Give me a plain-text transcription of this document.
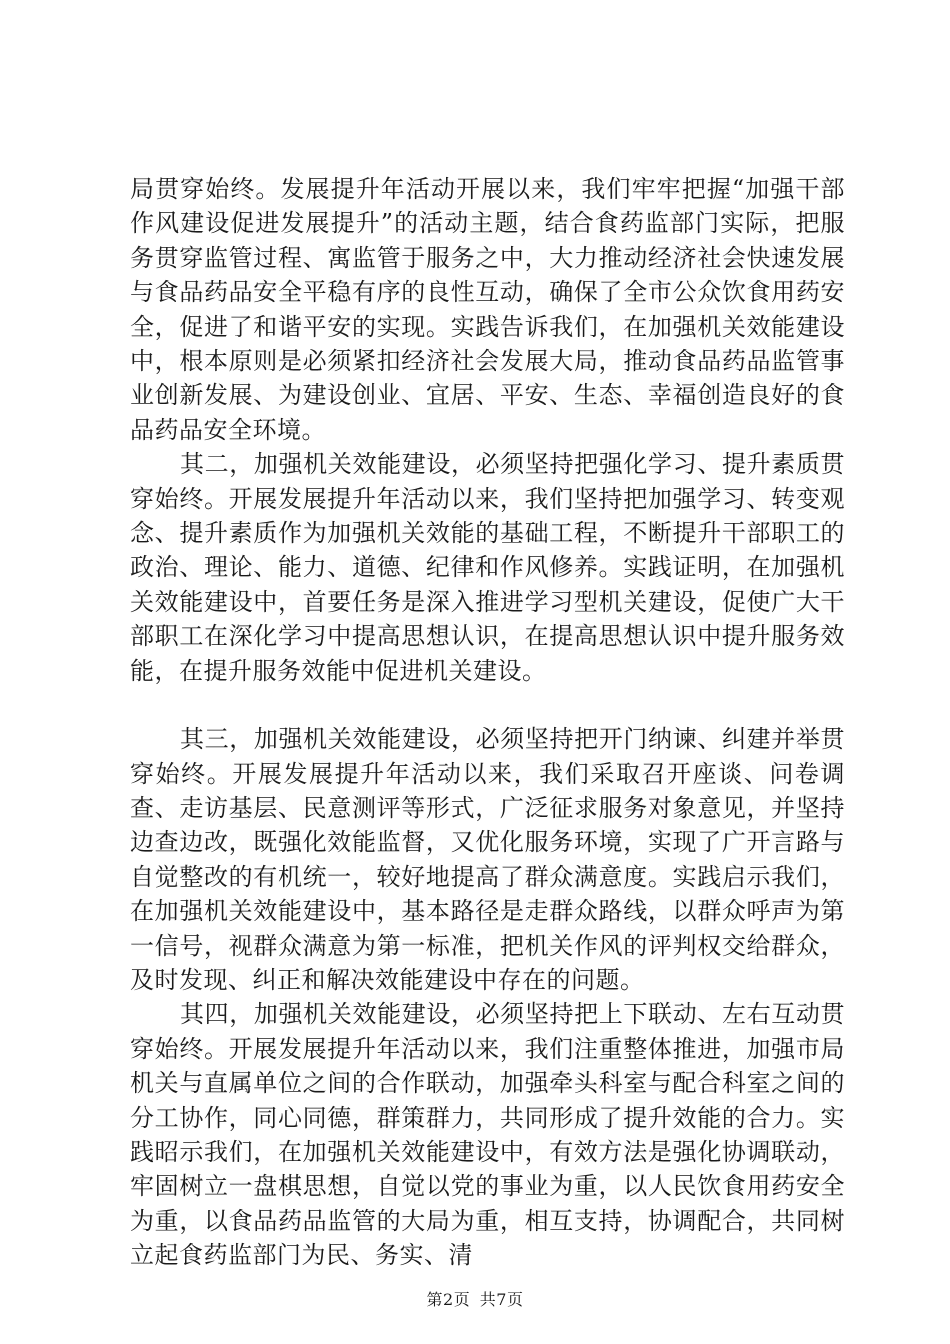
局贯穿始终。发展提升年活动开展以来，我们牢牢把握“加强干部作风建设促进发展提升”的活动主题，结合食药监部门实际，把服务贯穿监管过程、寓监管于服务之中，大力推动经济社会快速发展与食品药品安全平稳有序的良性互动，确保了全市公众饮食用药安全，促进了和谐平安的实现。实践告诉我们，在加强机关效能建设中，根本原则是必须紧扣经济社会发展大局，推动食品药品监管事业创新发展、为建设创业、宜居、平安、生态、幸福创造良好的食品药品安全环境。

其二，加强机关效能建设，必须坚持把强化学习、提升素质贯穿始终。开展发展提升年活动以来，我们坚持把加强学习、转变观念、提升素质作为加强机关效能的基础工程，不断提升干部职工的政治、理论、能力、道德、纪律和作风修养。实践证明，在加强机关效能建设中，首要任务是深入推进学习型机关建设，促使广大干部职工在深化学习中提高思想认识，在提高思想认识中提升服务效能，在提升服务效能中促进机关建设。

其三，加强机关效能建设，必须坚持把开门纳谏、纠建并举贯穿始终。开展发展提升年活动以来，我们采取召开座谈、问卷调查、走访基层、民意测评等形式，广泛征求服务对象意见，并坚持边查边改，既强化效能监督，又优化服务环境，实现了广开言路与自觉整改的有机统一，较好地提高了群众满意度。实践启示我们，在加强机关效能建设中，基本路径是走群众路线，以群众呼声为第一信号，视群众满意为第一标准，把机关作风的评判权交给群众，及时发现、纠正和解决效能建设中存在的问题。

其四，加强机关效能建设，必须坚持把上下联动、左右互动贯穿始终。开展发展提升年活动以来，我们注重整体推进，加强市局机关与直属单位之间的合作联动，加强牵头科室与配合科室之间的分工协作，同心同德，群策群力，共同形成了提升效能的合力。实践昭示我们，在加强机关效能建设中，有效方法是强化协调联动，牢固树立一盘棋思想，自觉以党的事业为重，以人民饮食用药安全为重，以食品药品监管的大局为重，相互支持，协调配合，共同树立起食药监部门为民、务实、清

第2页 共7页
